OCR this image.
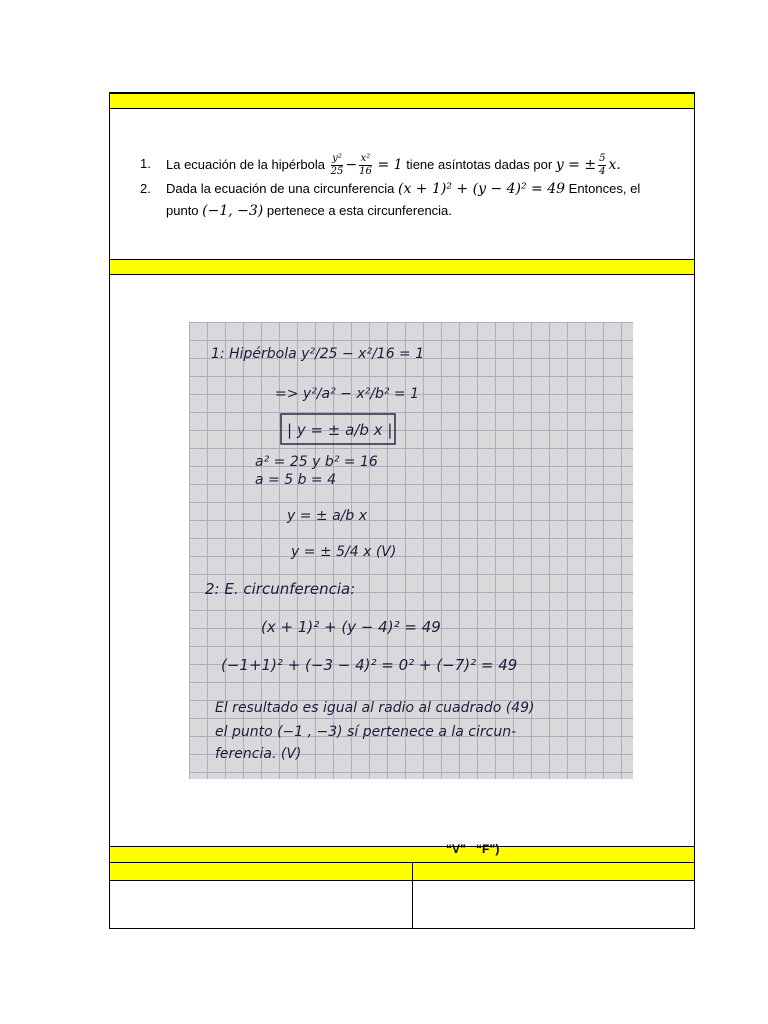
1. La ecuación de la hipérbola $\frac{\text{y²}}{25} - \frac{\text{x²}}{16} = 1$ tiene asíntotas dadas por y = ± $\frac{5}{4} x$.
2. Dada la ecuación de una circunferencia (x + 1)² + (y − 4)² = 49 Entonces, el
punto (−1, −3) pertenece a esta circunferencia.
1: Hipérbola y²/25 − x²/16 = 1
=> y²/a² − x²/b² = 1
| y = ± a/b x |
a² = 25 y b² = 16
a = 5 b = 4
y = ± a/b x
y = ± 5/4 x (V)
2: E. circunferencia:
(x + 1)² + (y − 4)² = 49
(−1+1)² + (−3 − 4)² = 0² + (−7)² = 49
El resultado es igual al radio al cuadrado (49)
el punto (−1 , −3) sí pertenece a la circun-
ferencia. (V)
“V”   “F”)
